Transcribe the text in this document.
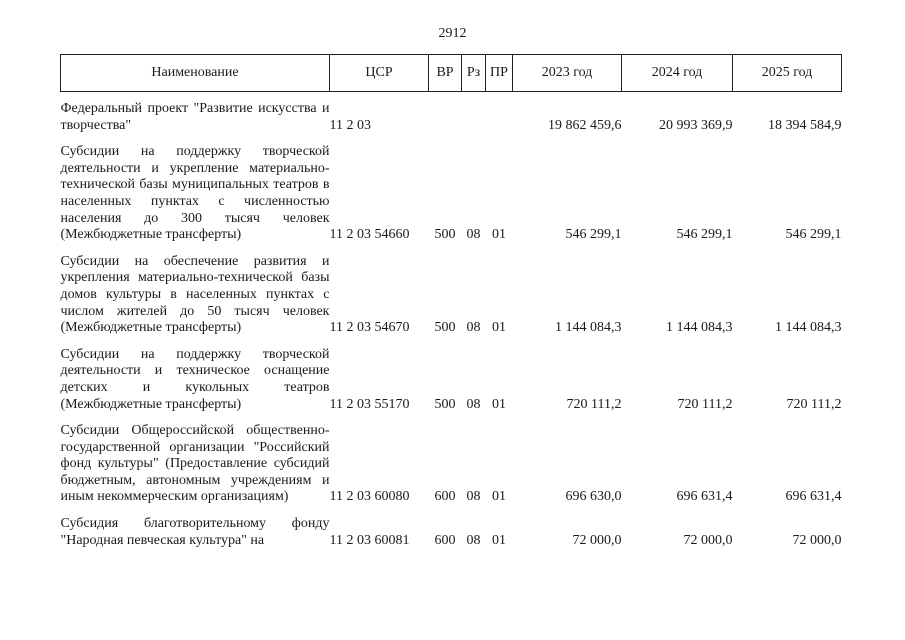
2912
Наименование	ЦСР	ВР	Рз	ПР	2023 год	2024 год	2025 год
Федеральный проект "Развитие искусства и творчества"	11 2 03				19 862 459,6	20 993 369,9	18 394 584,9

Субсидии на поддержку творческой деятельности и укрепление материально-технической базы муниципальных театров в населенных пунктах с численностью населения до 300 тысяч человек (Межбюджетные трансферты)	11 2 03 54660	500	08	01	546 299,1	546 299,1	546 299,1

Субсидии на обеспечение развития и укрепления материально-технической базы домов культуры в населенных пунктах с числом жителей до 50 тысяч человек (Межбюджетные трансферты)	11 2 03 54670	500	08	01	1 144 084,3	1 144 084,3	1 144 084,3

Субсидии на поддержку творческой деятельности и техническое оснащение детских и кукольных театров (Межбюджетные трансферты)	11 2 03 55170	500	08	01	720 111,2	720 111,2	720 111,2

Субсидии Общероссийской общественно-государственной организации "Российский фонд культуры" (Предоставление субсидий бюджетным, автономным учреждениям и иным некоммерческим организациям)	11 2 03 60080	600	08	01	696 630,0	696 631,4	696 631,4

Субсидия благотворительному фонду "Народная певческая культура" на	11 2 03 60081	600	08	01	72 000,0	72 000,0	72 000,0
